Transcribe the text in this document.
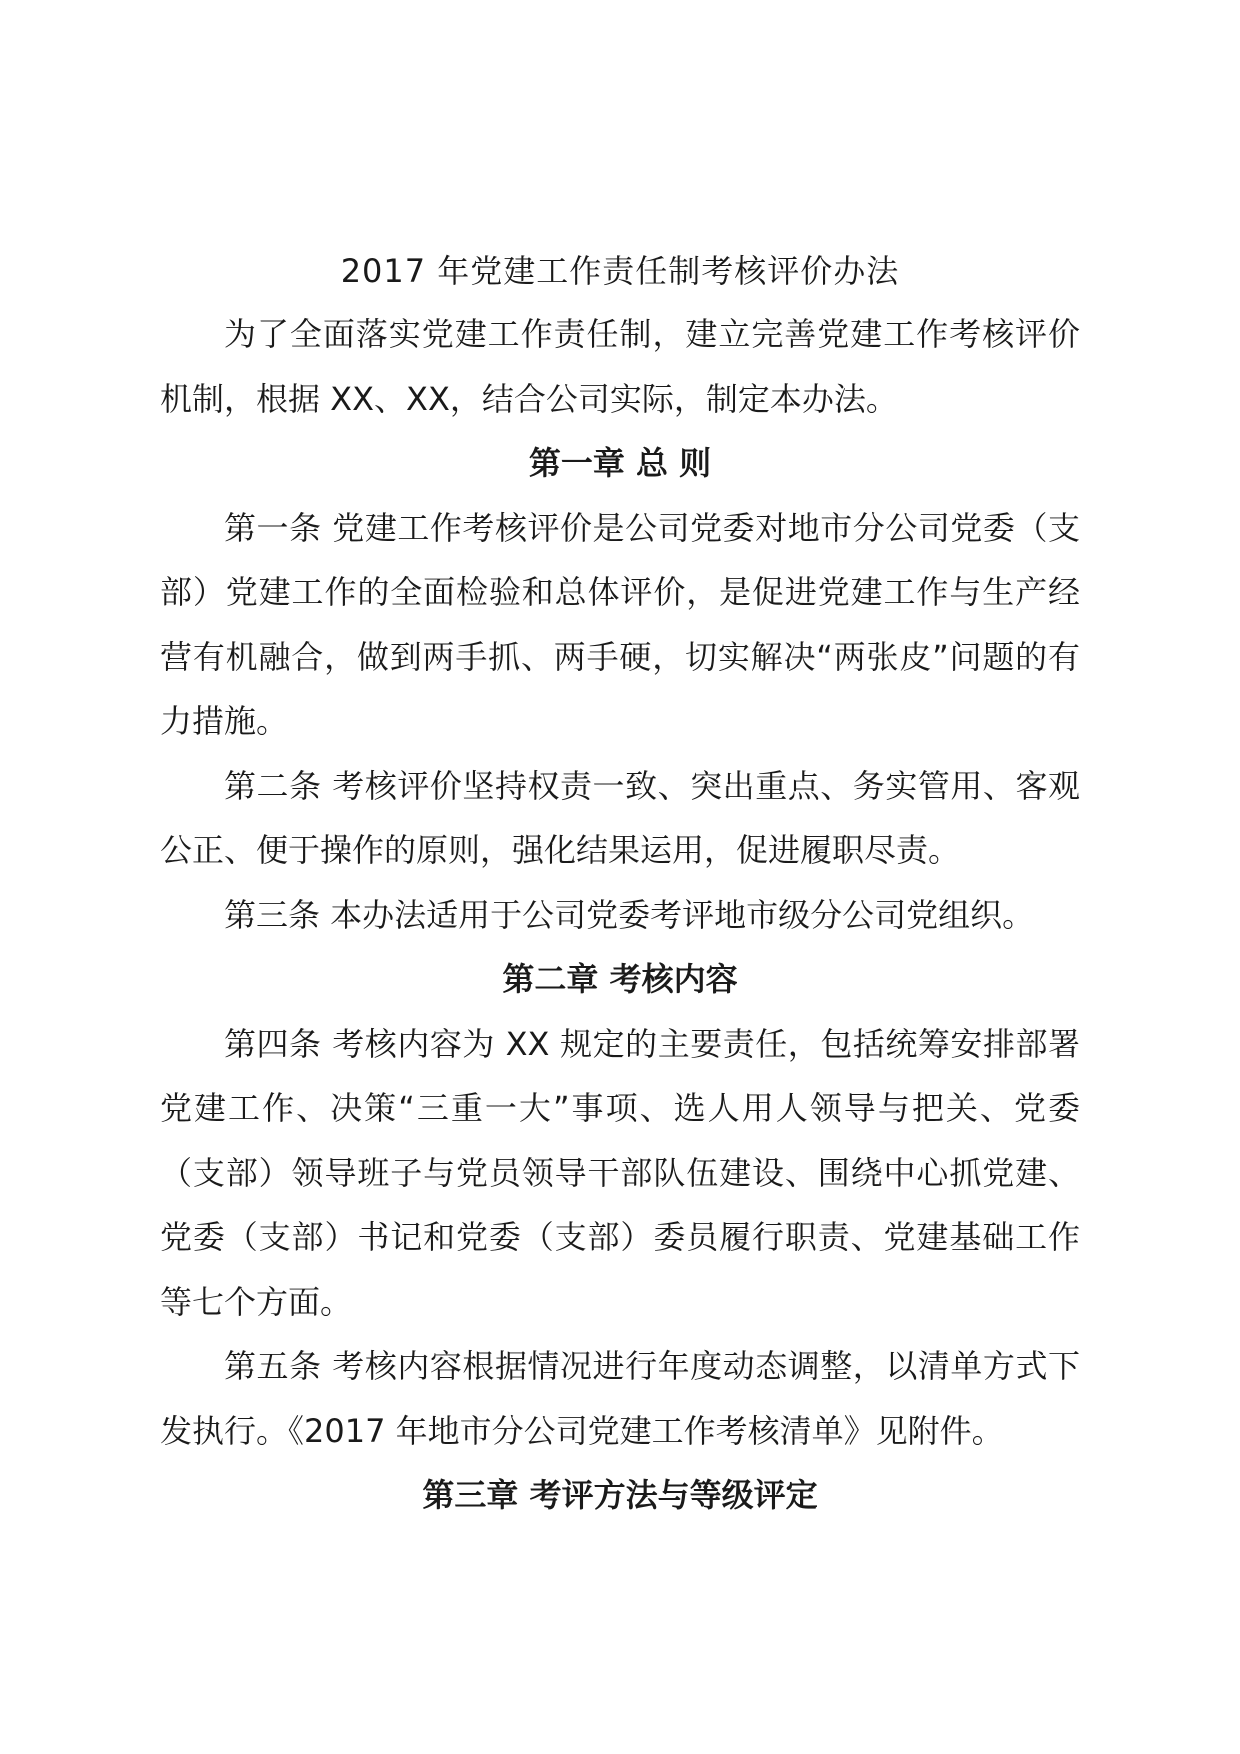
2017 年党建工作责任制考核评价办法

为了全面落实党建工作责任制，建立完善党建工作考核评价机制，根据 XX、XX，结合公司实际，制定本办法。

第一章 总 则

第一条 党建工作考核评价是公司党委对地市分公司党委（支部）党建工作的全面检验和总体评价，是促进党建工作与生产经营有机融合，做到两手抓、两手硬，切实解决“两张皮”问题的有力措施。

第二条 考核评价坚持权责一致、突出重点、务实管用、客观公正、便于操作的原则，强化结果运用，促进履职尽责。

第三条 本办法适用于公司党委考评地市级分公司党组织。

第二章 考核内容

第四条 考核内容为 XX 规定的主要责任，包括统筹安排部署党建工作、决策“三重一大”事项、选人用人领导与把关、党委（支部）领导班子与党员领导干部队伍建设、围绕中心抓党建、党委（支部）书记和党委（支部）委员履行职责、党建基础工作等七个方面。

第五条 考核内容根据情况进行年度动态调整，以清单方式下发执行。《2017 年地市分公司党建工作考核清单》见附件。

第三章 考评方法与等级评定
